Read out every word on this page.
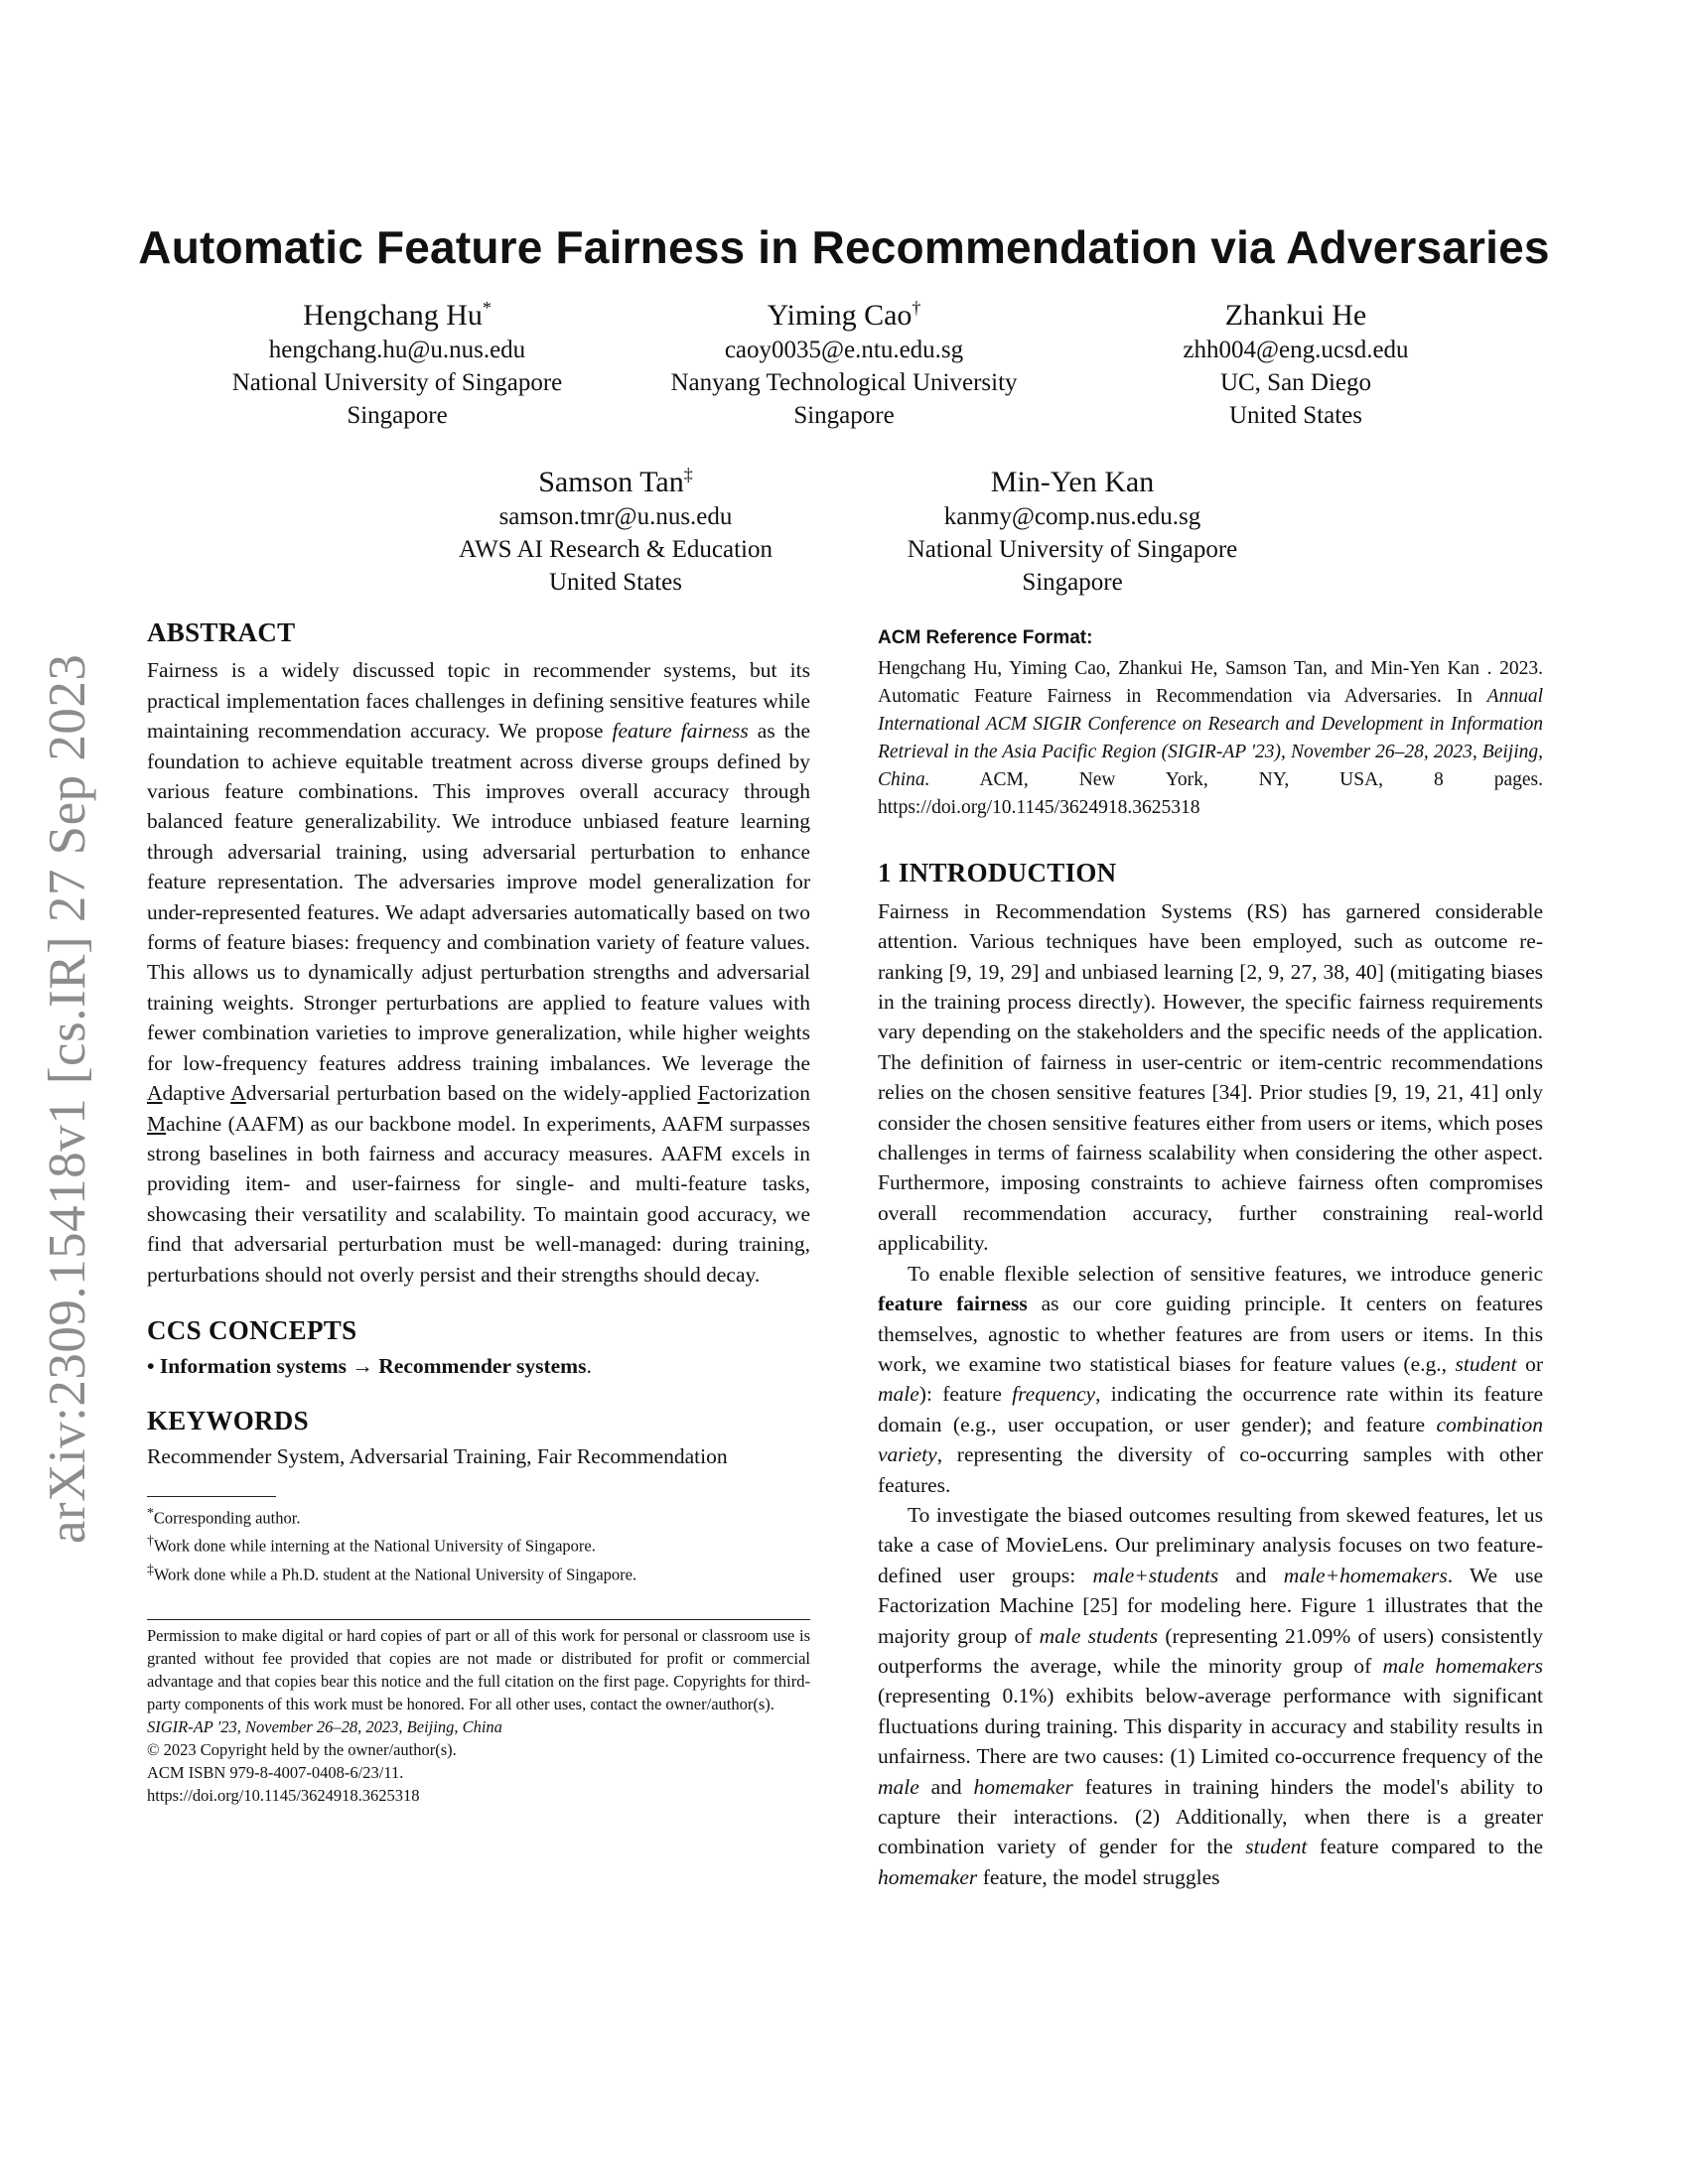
arXiv:2309.15418v1 [cs.IR] 27 Sep 2023
Automatic Feature Fairness in Recommendation via Adversaries
Hengchang Hu*
hengchang.hu@u.nus.edu
National University of Singapore
Singapore
Yiming Cao†
caoy0035@e.ntu.edu.sg
Nanyang Technological University
Singapore
Zhankui He
zhh004@eng.ucsd.edu
UC, San Diego
United States
Samson Tan‡
samson.tmr@u.nus.edu
AWS AI Research & Education
United States
Min-Yen Kan
kanmy@comp.nus.edu.sg
National University of Singapore
Singapore
ABSTRACT

Fairness is a widely discussed topic in recommender systems, but its practical implementation faces challenges in defining sensitive features while maintaining recommendation accuracy. We propose feature fairness as the foundation to achieve equitable treatment across diverse groups defined by various feature combinations. This improves overall accuracy through balanced feature generalizability. We introduce unbiased feature learning through adversarial training, using adversarial perturbation to enhance feature representation. The adversaries improve model generalization for under-represented features. We adapt adversaries automatically based on two forms of feature biases: frequency and combination variety of feature values. This allows us to dynamically adjust perturbation strengths and adversarial training weights. Stronger perturbations are applied to feature values with fewer combination varieties to improve generalization, while higher weights for low-frequency features address training imbalances. We leverage the Adaptive Adversarial perturbation based on the widely-applied Factorization Machine (AAFM) as our backbone model. In experiments, AAFM surpasses strong baselines in both fairness and accuracy measures. AAFM excels in providing item- and user-fairness for single- and multi-feature tasks, showcasing their versatility and scalability. To maintain good accuracy, we find that adversarial perturbation must be well-managed: during training, perturbations should not overly persist and their strengths should decay.

CCS CONCEPTS

• Information systems → Recommender systems.

KEYWORDS

Recommender System, Adversarial Training, Fair Recommendation

*Corresponding author.
†Work done while interning at the National University of Singapore.
‡Work done while a Ph.D. student at the National University of Singapore.
Permission to make digital or hard copies of part or all of this work for personal or classroom use is granted without fee provided that copies are not made or distributed for profit or commercial advantage and that copies bear this notice and the full citation on the first page. Copyrights for third-party components of this work must be honored. For all other uses, contact the owner/author(s).
SIGIR-AP '23, November 26–28, 2023, Beijing, China
© 2023 Copyright held by the owner/author(s).
ACM ISBN 979-8-4007-0408-6/23/11.
https://doi.org/10.1145/3624918.3625318
ACM Reference Format:

Hengchang Hu, Yiming Cao, Zhankui He, Samson Tan, and Min-Yen Kan . 2023. Automatic Feature Fairness in Recommendation via Adversaries. In Annual International ACM SIGIR Conference on Research and Development in Information Retrieval in the Asia Pacific Region (SIGIR-AP '23), November 26–28, 2023, Beijing, China.	ACM, New York, NY, USA, 8 pages. https://doi.org/10.1145/3624918.3625318

1 INTRODUCTION

Fairness in Recommendation Systems (RS) has garnered considerable attention. Various techniques have been employed, such as outcome re-ranking [9, 19, 29] and unbiased learning [2, 9, 27, 38, 40] (mitigating biases in the training process directly). However, the specific fairness requirements vary depending on the stakeholders and the specific needs of the application. The definition of fairness in user-centric or item-centric recommendations relies on the chosen sensitive features [34]. Prior studies [9, 19, 21, 41] only consider the chosen sensitive features either from users or items, which poses challenges in terms of fairness scalability when considering the other aspect. Furthermore, imposing constraints to achieve fairness often compromises overall recommendation accuracy, further constraining real-world applicability.

To enable flexible selection of sensitive features, we introduce generic feature fairness as our core guiding principle. It centers on features themselves, agnostic to whether features are from users or items. In this work, we examine two statistical biases for feature values (e.g., student or male): feature frequency, indicating the occurrence rate within its feature domain (e.g., user occupation, or user gender); and feature combination variety, representing the diversity of co-occurring samples with other features.

To investigate the biased outcomes resulting from skewed features, let us take a case of MovieLens. Our preliminary analysis focuses on two feature-defined user groups: male+students and male+homemakers. We use Factorization Machine [25] for modeling here. Figure 1 illustrates that the majority group of male students (representing 21.09% of users) consistently outperforms the average, while the minority group of male homemakers (representing 0.1%) exhibits below-average performance with significant fluctuations during training. This disparity in accuracy and stability results in unfairness. There are two causes: (1) Limited co-occurrence frequency of the male and homemaker features in training hinders the model's ability to capture their interactions. (2) Additionally, when there is a greater combination variety of gender for the student feature compared to the homemaker feature, the model struggles
